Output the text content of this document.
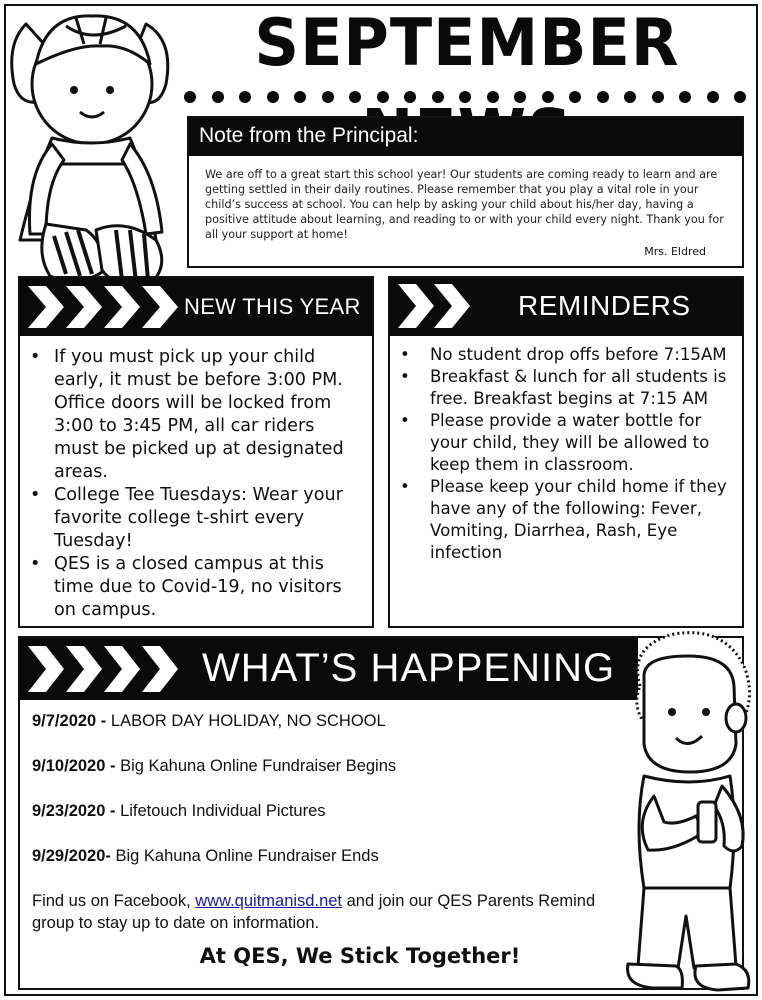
SEPTEMBER
Note from the Principal:
We are off to a great start this school year! Our students are coming ready to learn and are getting settled in their daily routines. Please remember that you play a vital role in your child’s success at school. You can help by asking your child about his/her day, having a positive attitude about learning, and reading to or with your child every night. Thank you for all your support at home!
Mrs. Eldred
NEW THIS YEAR
• If you must pick up your child early, it must be before 3:00 PM. Office doors will be locked from 3:00 to 3:45 PM, all car riders must be picked up at designated areas.
• College Tee Tuesdays: Wear your favorite college t-shirt every Tuesday!
• QES is a closed campus at this time due to Covid-19, no visitors on campus.
REMINDERS
• No student drop offs before 7:15AM
• Breakfast & lunch for all students is free. Breakfast begins at 7:15 AM
• Please provide a water bottle for your child, they will be allowed to keep them in classroom.
• Please keep your child home if they have any of the following: Fever, Vomiting, Diarrhea, Rash, Eye infection
WHAT’S HAPPENING
9/7/2020 - LABOR DAY HOLIDAY, NO SCHOOL
9/10/2020 - Big Kahuna Online Fundraiser Begins
9/23/2020 - Lifetouch Individual Pictures
9/29/2020- Big Kahuna Online Fundraiser Ends
Find us on Facebook, www.quitmanisd.net and join our QES Parents Remind group to stay up to date on information.
At QES, We Stick Together!
